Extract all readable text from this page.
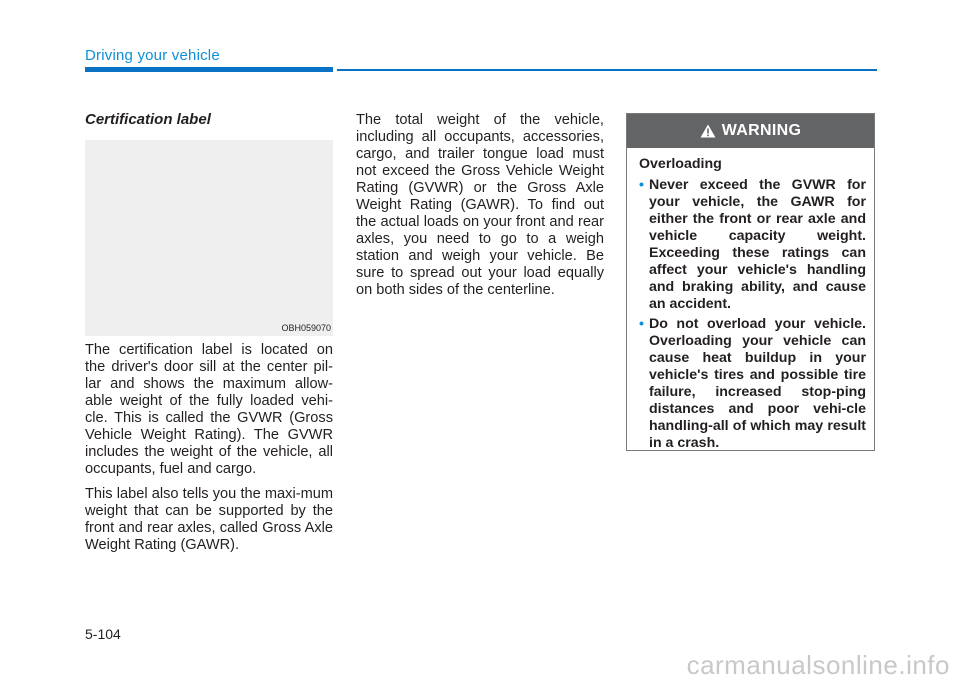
Driving your vehicle
Certification label
OBH059070

The certification label is located on the driver's door sill at the center pil-lar and shows the maximum allow-able weight of the fully loaded vehi-cle. This is called the GVWR (Gross Vehicle Weight Rating). The GVWR includes the weight of the vehicle, all occupants, fuel and cargo.

This label also tells you the maxi-mum weight that can be supported by the front and rear axles, called Gross Axle Weight Rating (GAWR).

The total weight of the vehicle, including all occupants, accessories, cargo, and trailer tongue load must not exceed the Gross Vehicle Weight Rating (GVWR) or the Gross Axle Weight Rating (GAWR). To find out the actual loads on your front and rear axles, you need to go to a weigh station and weigh your vehicle. Be sure to spread out your load equally on both sides of the centerline.

WARNING

Overloading

• Never exceed the GVWR for your vehicle, the GAWR for either the front or rear axle and vehicle capacity weight. Exceeding these ratings can affect your vehicle's handling and braking ability, and cause an accident.
• Do not overload your vehicle. Overloading your vehicle can cause heat buildup in your vehicle's tires and possible tire failure, increased stop-ping distances and poor vehi-cle handling-all of which may result in a crash.
5-104
carmanualsonline.info
